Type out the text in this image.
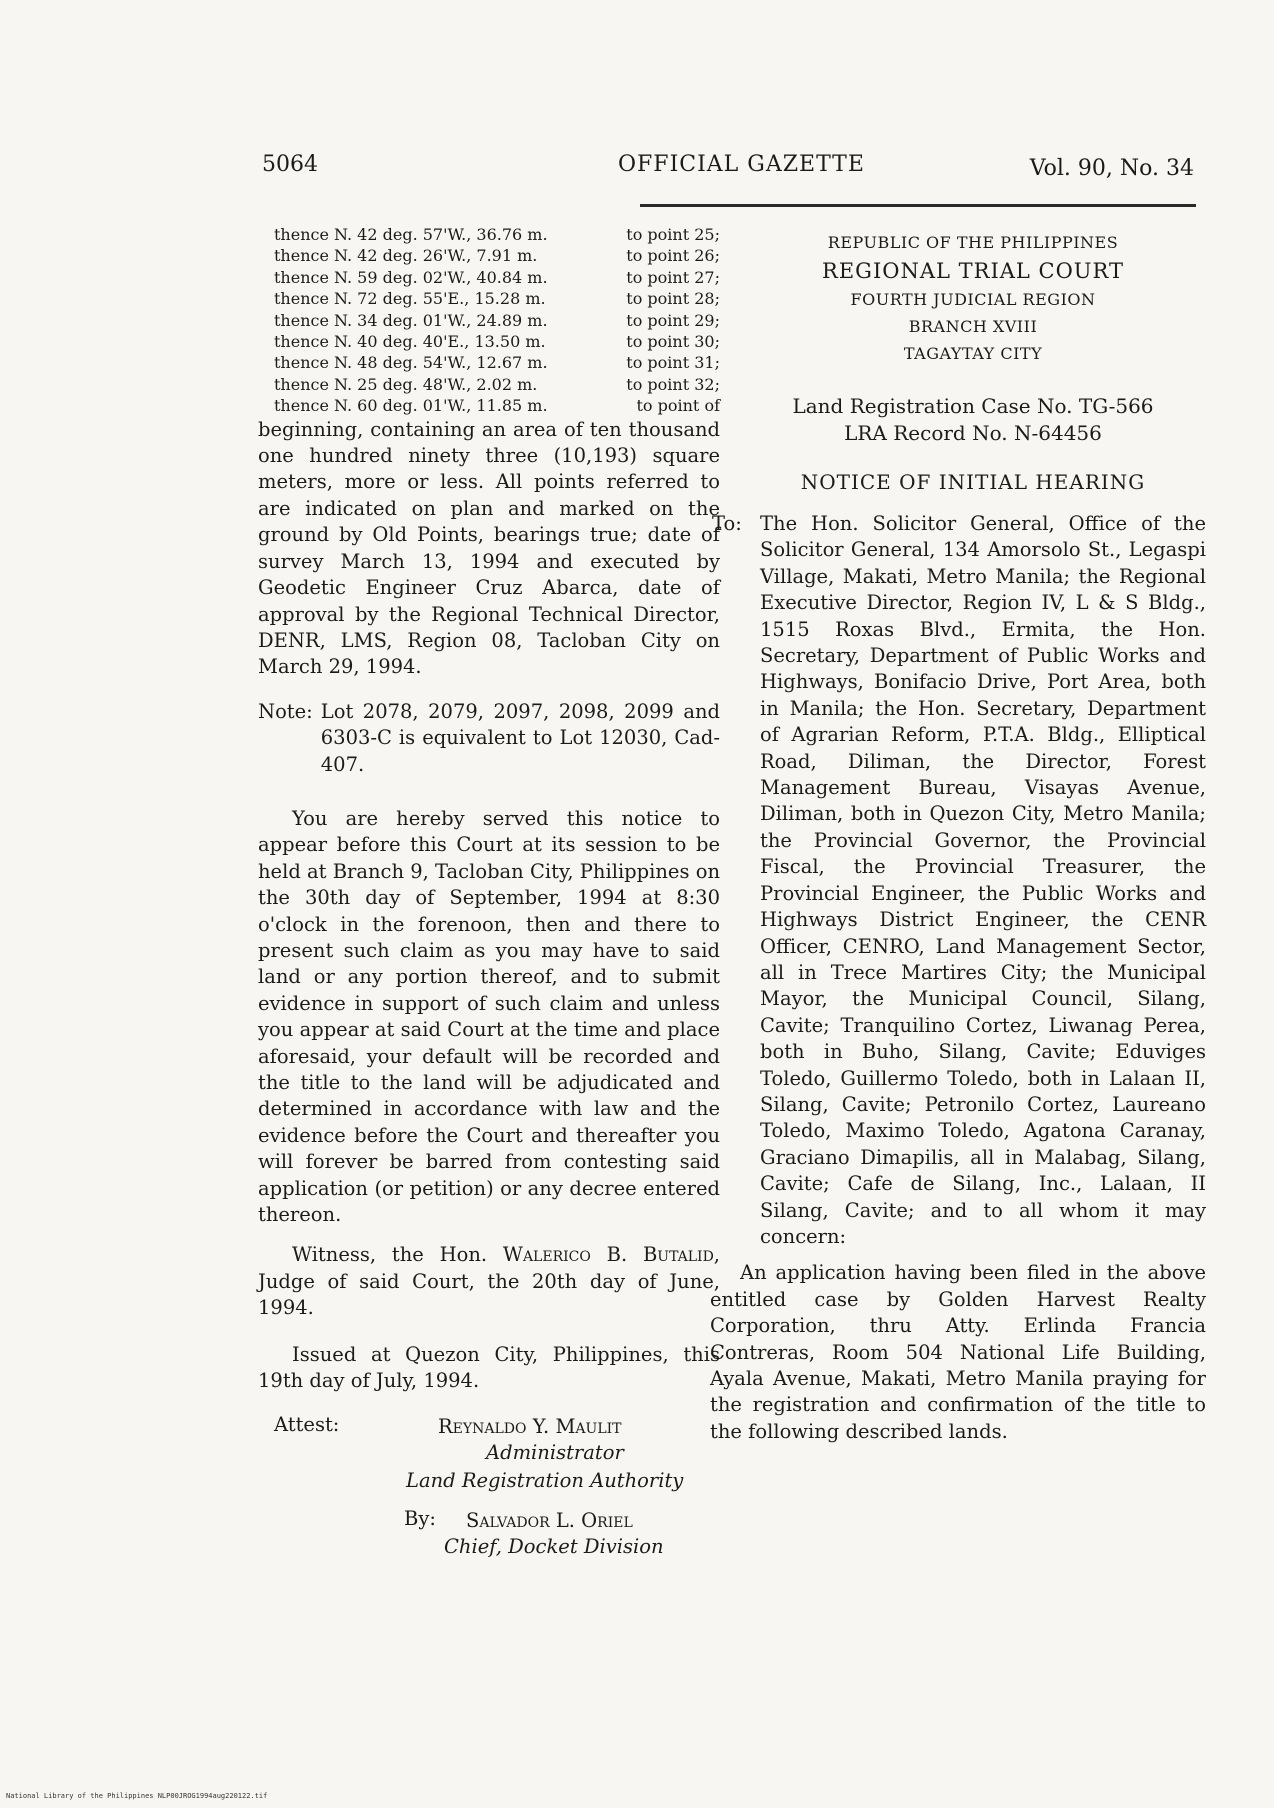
5064	OFFICIAL GAZETTE	Vol. 90, No. 34
thence N. 42 deg. 57'W., 36.76 m.	to point 25;
thence N. 42 deg. 26'W., 7.91 m.	to point 26;
thence N. 59 deg. 02'W., 40.84 m.	to point 27;
thence N. 72 deg. 55'E., 15.28 m.	to point 28;
thence N. 34 deg. 01'W., 24.89 m.	to point 29;
thence N. 40 deg. 40'E., 13.50 m.	to point 30;
thence N. 48 deg. 54'W., 12.67 m.	to point 31;
thence N. 25 deg. 48'W., 2.02 m.	to point 32;
thence N. 60 deg. 01'W., 11.85 m.	to point of

beginning, containing an area of ten thousand one hundred ninety three (10,193) square meters, more or less. All points referred to are indicated on plan and marked on the ground by Old Points, bearings true; date of survey March 13, 1994 and executed by Geodetic Engineer Cruz Abarca, date of approval by the Regional Technical Director, DENR, LMS, Region 08, Tacloban City on March 29, 1994.

Note: Lot 2078, 2079, 2097, 2098, 2099 and 6303-C is equivalent to Lot 12030, Cad-407.

You are hereby served this notice to appear before this Court at its session to be held at Branch 9, Tacloban City, Philippines on the 30th day of September, 1994 at 8:30 o'clock in the forenoon, then and there to present such claim as you may have to said land or any portion thereof, and to submit evidence in support of such claim and unless you appear at said Court at the time and place aforesaid, your default will be recorded and the title to the land will be adjudicated and determined in accordance with law and the evidence before the Court and thereafter you will forever be barred from contesting said application (or petition) or any decree entered thereon.

Witness, the Hon. Walerico B. Butalid, Judge of said Court, the 20th day of June, 1994.

Issued at Quezon City, Philippines, this 19th day of July, 1994.

Attest:	Reynaldo Y. Maulit
Administrator
Land Registration Authority
By: Salvador L. Oriel
Chief, Docket Division
REPUBLIC OF THE PHILIPPINES
REGIONAL TRIAL COURT
FOURTH JUDICIAL REGION
BRANCH XVIII
TAGAYTAY CITY
Land Registration Case No. TG-566
LRA Record No. N-64456
NOTICE OF INITIAL HEARING
To: The Hon. Solicitor General, Office of the Solicitor General, 134 Amorsolo St., Legaspi Village, Makati, Metro Manila; the Regional Executive Director, Region IV, L & S Bldg., 1515 Roxas Blvd., Ermita, the Hon. Secretary, Department of Public Works and Highways, Bonifacio Drive, Port Area, both in Manila; the Hon. Secretary, Department of Agrarian Reform, P.T.A. Bldg., Elliptical Road, Diliman, the Director, Forest Management Bureau, Visayas Avenue, Diliman, both in Quezon City, Metro Manila; the Provincial Governor, the Provincial Fiscal, the Provincial Treasurer, the Provincial Engineer, the Public Works and Highways District Engineer, the CENR Officer, CENRO, Land Management Sector, all in Trece Martires City; the Municipal Mayor, the Municipal Council, Silang, Cavite; Tranquilino Cortez, Liwanag Perea, both in Buho, Silang, Cavite; Eduviges Toledo, Guillermo Toledo, both in Lalaan II, Silang, Cavite; Petronilo Cortez, Laureano Toledo, Maximo Toledo, Agatona Caranay, Graciano Dimapilis, all in Malabag, Silang, Cavite; Cafe de Silang, Inc., Lalaan, II Silang, Cavite; and to all whom it may concern:

An application having been filed in the above entitled case by Golden Harvest Realty Corporation, thru Atty. Erlinda Francia Contreras, Room 504 National Life Building, Ayala Avenue, Makati, Metro Manila praying for the registration and confirmation of the title to the following described lands.

National Library of the Philippines NLP00JROG1994aug220122.tif
